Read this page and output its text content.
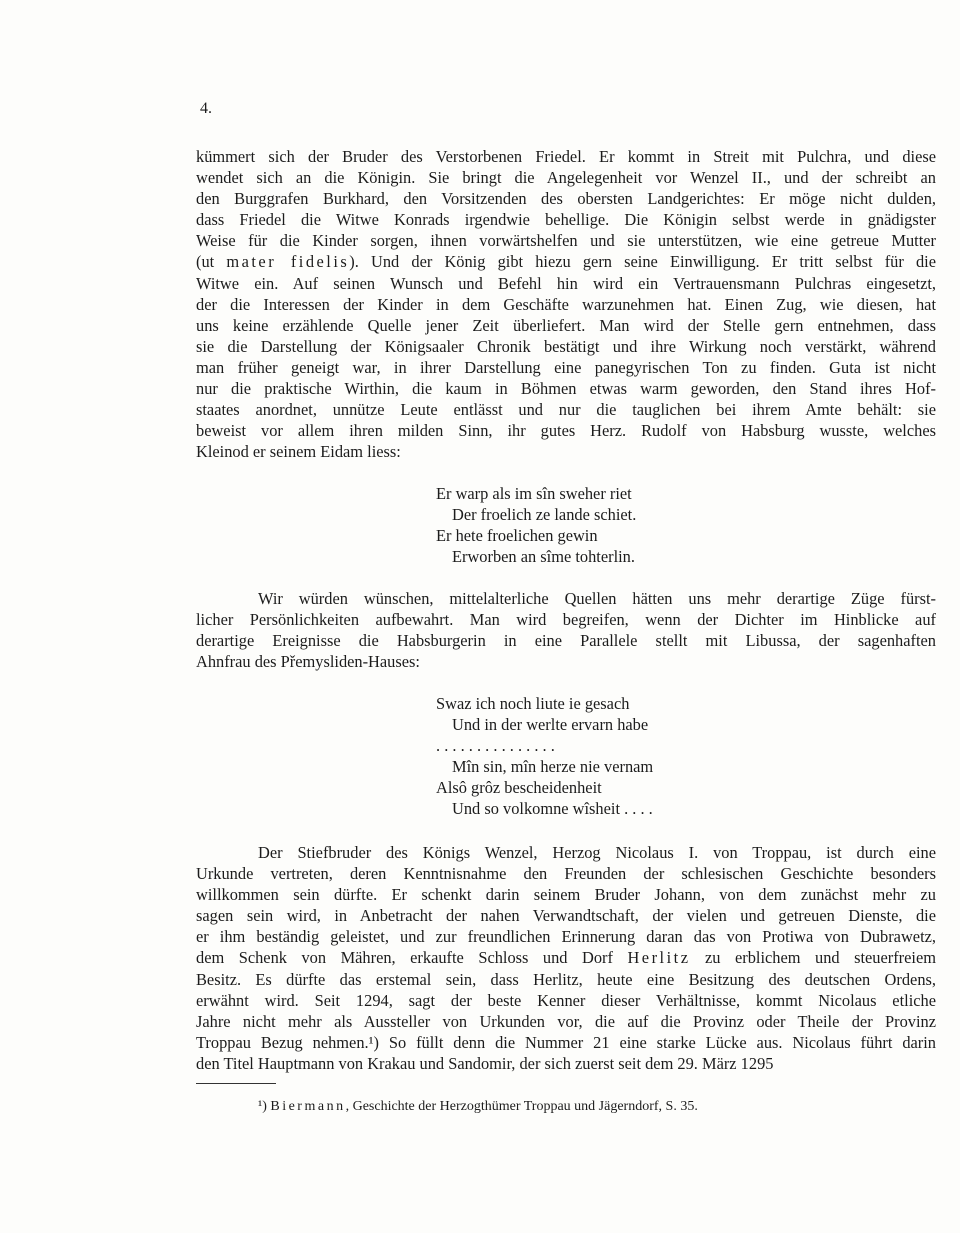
4.
kümmert sich der Bruder des Verstorbenen Friedel. Er kommt in Streit mit Pulchra, und diese
wendet sich an die Königin. Sie bringt die Angelegenheit vor Wenzel II., und der schreibt an
den Burggrafen Burkhard, den Vorsitzenden des obersten Landgerichtes: Er möge nicht dulden,
dass Friedel die Witwe Konrads irgendwie behellige. Die Königin selbst werde in gnädigster
Weise für die Kinder sorgen, ihnen vorwärtshelfen und sie unterstützen, wie eine getreue Mutter
(ut mater fidelis). Und der König gibt hiezu gern seine Einwilligung. Er tritt selbst für die
Witwe ein. Auf seinen Wunsch und Befehl hin wird ein Vertrauensmann Pulchras eingesetzt,
der die Interessen der Kinder in dem Geschäfte warzunehmen hat. Einen Zug, wie diesen, hat
uns keine erzählende Quelle jener Zeit überliefert. Man wird der Stelle gern entnehmen, dass
sie die Darstellung der Königsaaler Chronik bestätigt und ihre Wirkung noch verstärkt, während
man früher geneigt war, in ihrer Darstellung eine panegyrischen Ton zu finden. Guta ist nicht
nur die praktische Wirthin, die kaum in Böhmen etwas warm geworden, den Stand ihres Hof-
staates anordnet, unnütze Leute entlässt und nur die tauglichen bei ihrem Amte behält: sie
beweist vor allem ihren milden Sinn, ihr gutes Herz. Rudolf von Habsburg wusste, welches
Kleinod er seinem Eidam liess:
Er warp als im sîn sweher riet
Der froelich ze lande schiet.
Er hete froelichen gewin
Erworben an sîme tohterlin.
Wir würden wünschen, mittelalterliche Quellen hätten uns mehr derartige Züge fürst-
licher Persönlichkeiten aufbewahrt. Man wird begreifen, wenn der Dichter im Hinblicke auf
derartige Ereignisse die Habsburgerin in eine Parallele stellt mit Libussa, der sagenhaften
Ahnfrau des Přemysliden-Hauses:
Swaz ich noch liute ie gesach
Und in der werlte ervarn habe
. . . . . . . . . . . . . . .
Mîn sin, mîn herze nie vernam
Alsô grôz bescheidenheit
Und so volkomne wîsheit . . . .
Der Stiefbruder des Königs Wenzel, Herzog Nicolaus I. von Troppau, ist durch eine
Urkunde vertreten, deren Kenntnisnahme den Freunden der schlesischen Geschichte besonders
willkommen sein dürfte. Er schenkt darin seinem Bruder Johann, von dem zunächst mehr zu
sagen sein wird, in Anbetracht der nahen Verwandtschaft, der vielen und getreuen Dienste, die
er ihm beständig geleistet, und zur freundlichen Erinnerung daran das von Protiwa von Dubrawetz,
dem Schenk von Mähren, erkaufte Schloss und Dorf Herlitz zu erblichem und steuerfreiem
Besitz. Es dürfte das erstemal sein, dass Herlitz, heute eine Besitzung des deutschen Ordens,
erwähnt wird. Seit 1294, sagt der beste Kenner dieser Verhältnisse, kommt Nicolaus etliche
Jahre nicht mehr als Aussteller von Urkunden vor, die auf die Provinz oder Theile der Provinz
Troppau Bezug nehmen.¹) So füllt denn die Nummer 21 eine starke Lücke aus. Nicolaus führt darin
den Titel Hauptmann von Krakau und Sandomir, der sich zuerst seit dem 29. März 1295
¹) Biermann, Geschichte der Herzogthümer Troppau und Jägerndorf, S. 35.
